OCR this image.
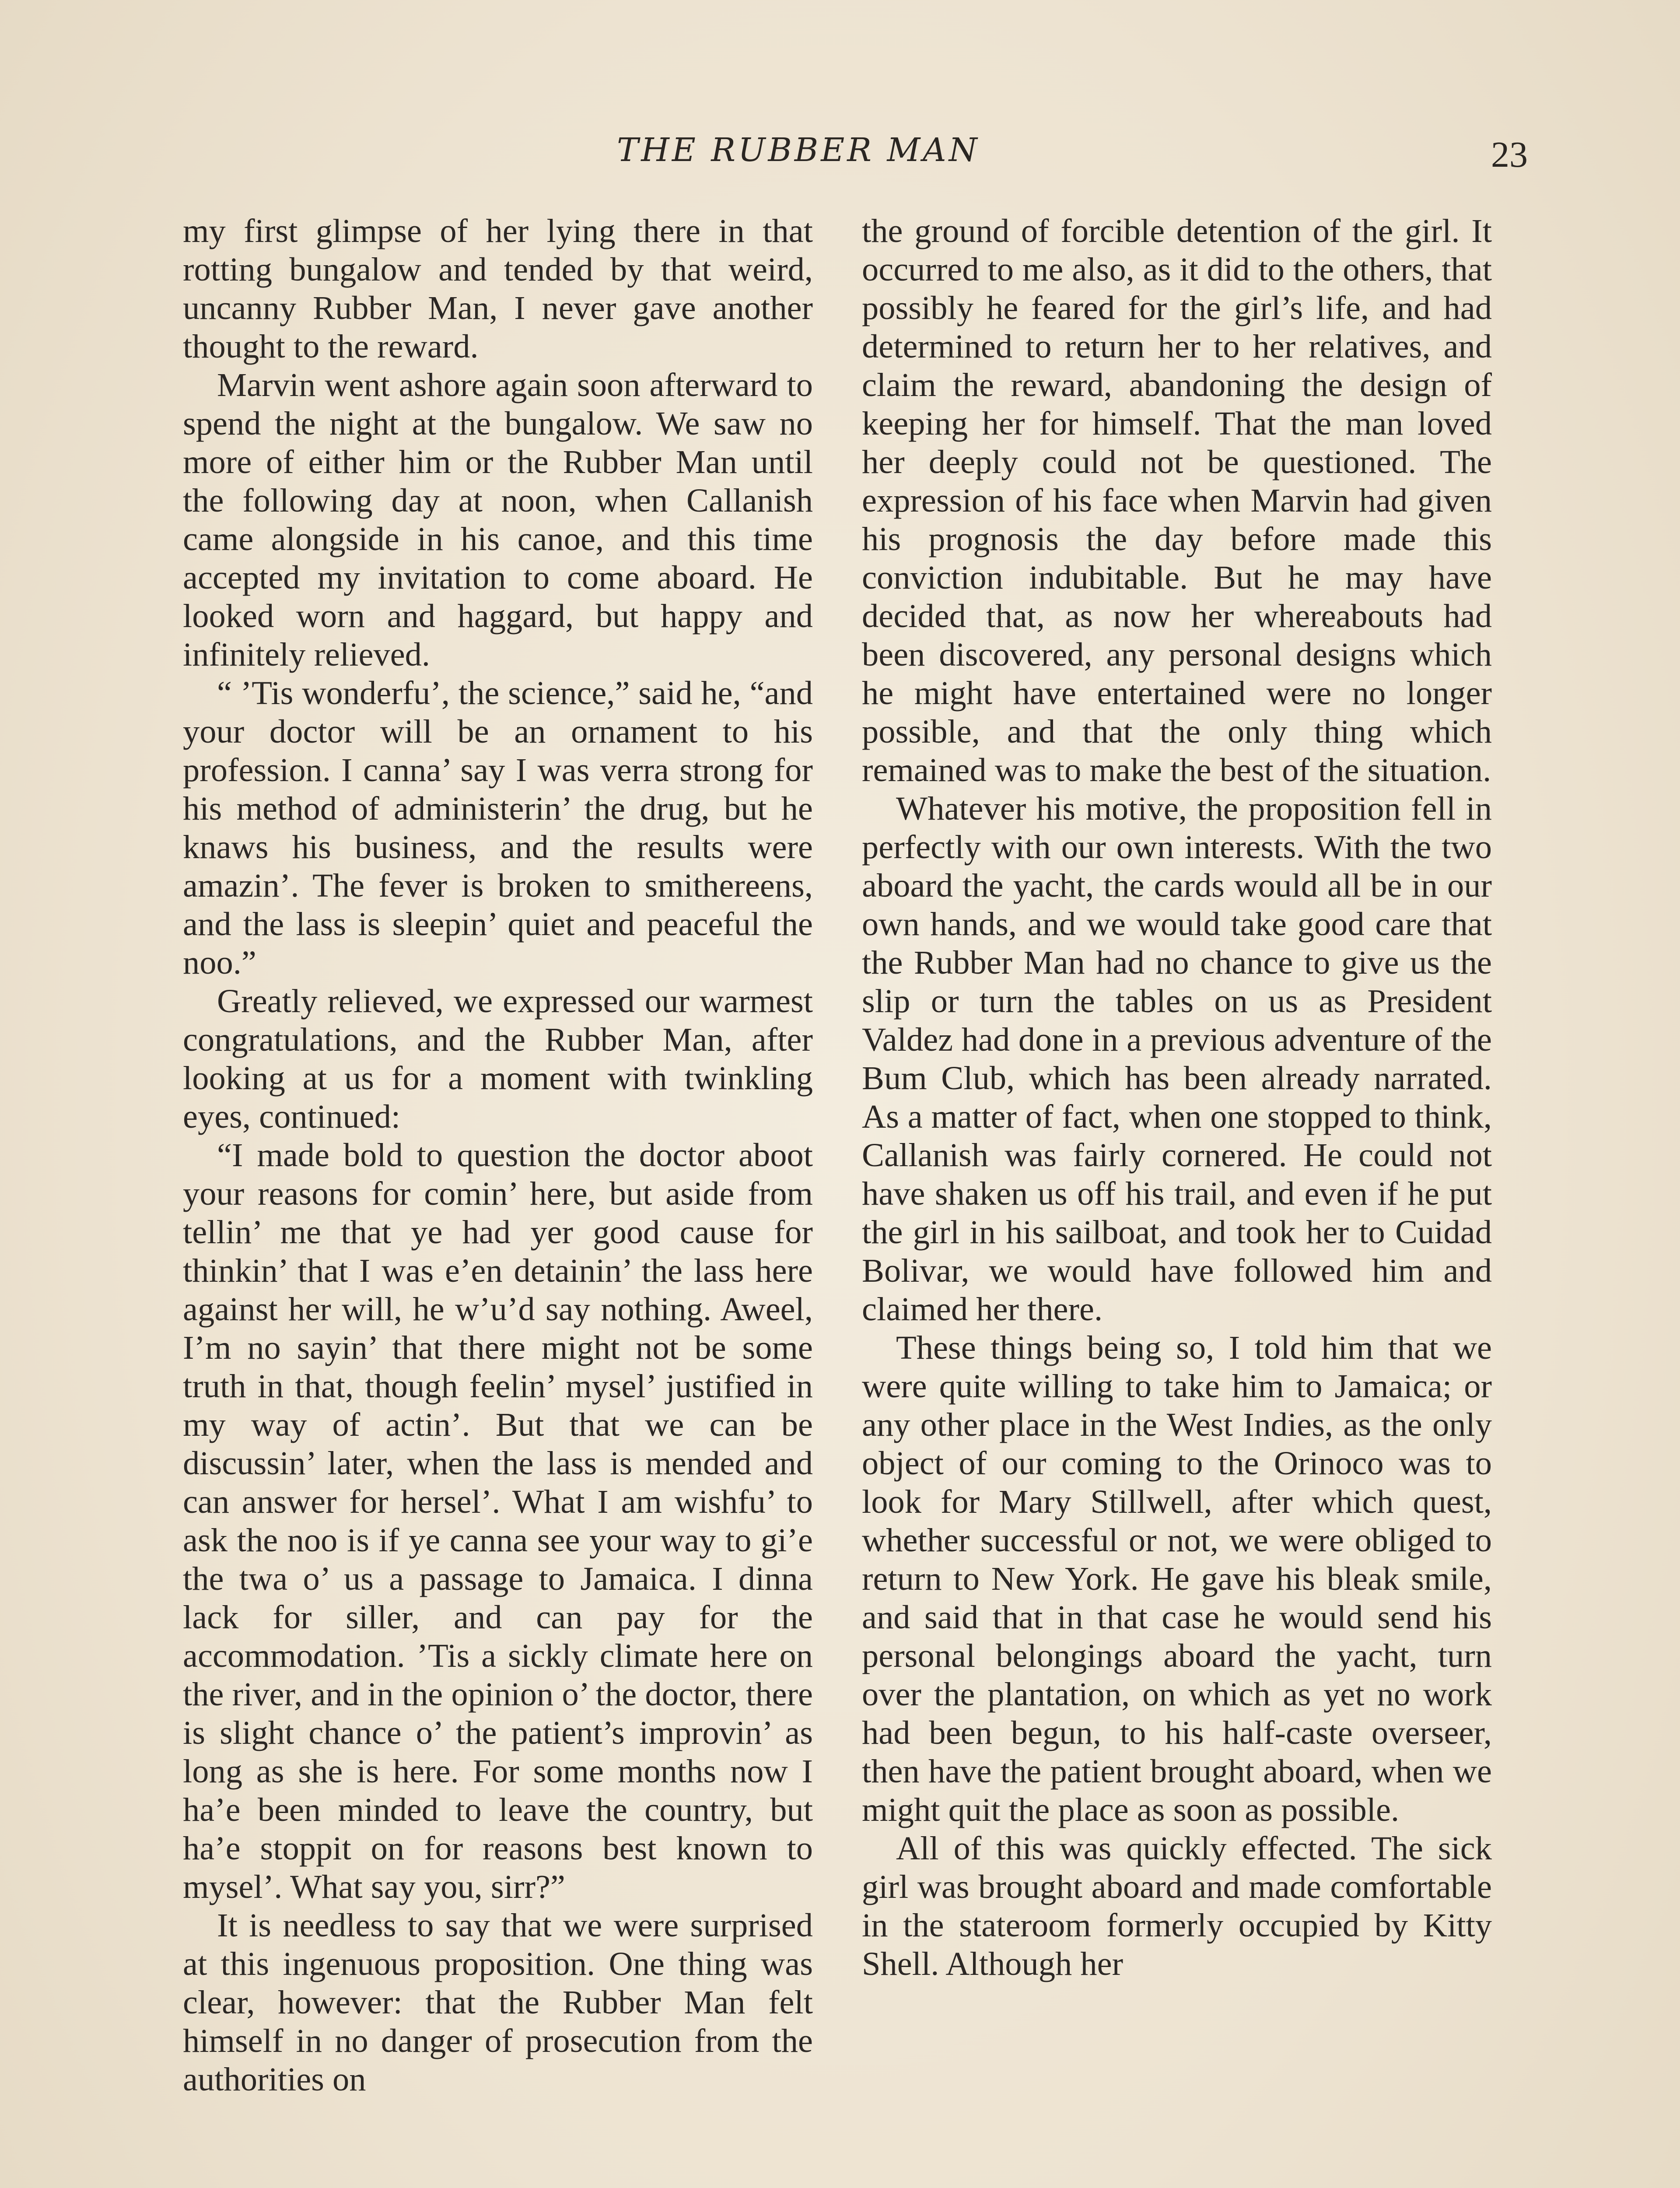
THE RUBBER MAN	23

my first glimpse of her lying there in that rotting bungalow and tended by that weird, uncanny Rubber Man, I never gave another thought to the reward.

Marvin went ashore again soon afterward to spend the night at the bungalow. We saw no more of either him or the Rubber Man until the following day at noon, when Callanish came alongside in his canoe, and this time accepted my invitation to come aboard. He looked worn and haggard, but happy and infinitely relieved.

“ ’Tis wonderfu’, the science,” said he, “and your doctor will be an ornament to his profession. I canna’ say I was verra strong for his method of administerin’ the drug, but he knaws his business, and the results were amazin’. The fever is broken to smithereens, and the lass is sleepin’ quiet and peaceful the noo.”

Greatly relieved, we expressed our warmest congratulations, and the Rubber Man, after looking at us for a moment with twinkling eyes, continued:

“I made bold to question the doctor aboot your reasons for comin’ here, but aside from tellin’ me that ye had yer good cause for thinkin’ that I was e’en detainin’ the lass here against her will, he w’u’d say nothing. Aweel, I’m no sayin’ that there might not be some truth in that, though feelin’ mysel’ justified in my way of actin’. But that we can be discussin’ later, when the lass is mended and can answer for hersel’. What I am wishfu’ to ask the noo is if ye canna see your way to gi’e the twa o’ us a passage to Jamaica. I dinna lack for siller, and can pay for the accommodation. ’Tis a sickly climate here on the river, and in the opinion o’ the doctor, there is slight chance o’ the patient’s improvin’ as long as she is here. For some months now I ha’e been minded to leave the country, but ha’e stoppit on for reasons best known to mysel’. What say you, sirr?”

It is needless to say that we were surprised at this ingenuous proposition. One thing was clear, however: that the Rubber Man felt himself in no danger of prosecution from the authorities on

the ground of forcible detention of the girl. It occurred to me also, as it did to the others, that possibly he feared for the girl’s life, and had determined to return her to her relatives, and claim the reward, abandoning the design of keeping her for himself. That the man loved her deeply could not be questioned. The expression of his face when Marvin had given his prognosis the day before made this conviction indubitable. But he may have decided that, as now her whereabouts had been discovered, any personal designs which he might have entertained were no longer possible, and that the only thing which remained was to make the best of the situation.

Whatever his motive, the proposition fell in perfectly with our own interests. With the two aboard the yacht, the cards would all be in our own hands, and we would take good care that the Rubber Man had no chance to give us the slip or turn the tables on us as President Valdez had done in a previous adventure of the Bum Club, which has been already narrated. As a matter of fact, when one stopped to think, Callanish was fairly cornered. He could not have shaken us off his trail, and even if he put the girl in his sailboat, and took her to Cuidad Bolivar, we would have followed him and claimed her there.

These things being so, I told him that we were quite willing to take him to Jamaica; or any other place in the West Indies, as the only object of our coming to the Orinoco was to look for Mary Stillwell, after which quest, whether successful or not, we were obliged to return to New York. He gave his bleak smile, and said that in that case he would send his personal belongings aboard the yacht, turn over the plantation, on which as yet no work had been begun, to his half-caste overseer, then have the patient brought aboard, when we might quit the place as soon as possible.

All of this was quickly effected. The sick girl was brought aboard and made comfortable in the stateroom formerly occupied by Kitty Shell. Although her
